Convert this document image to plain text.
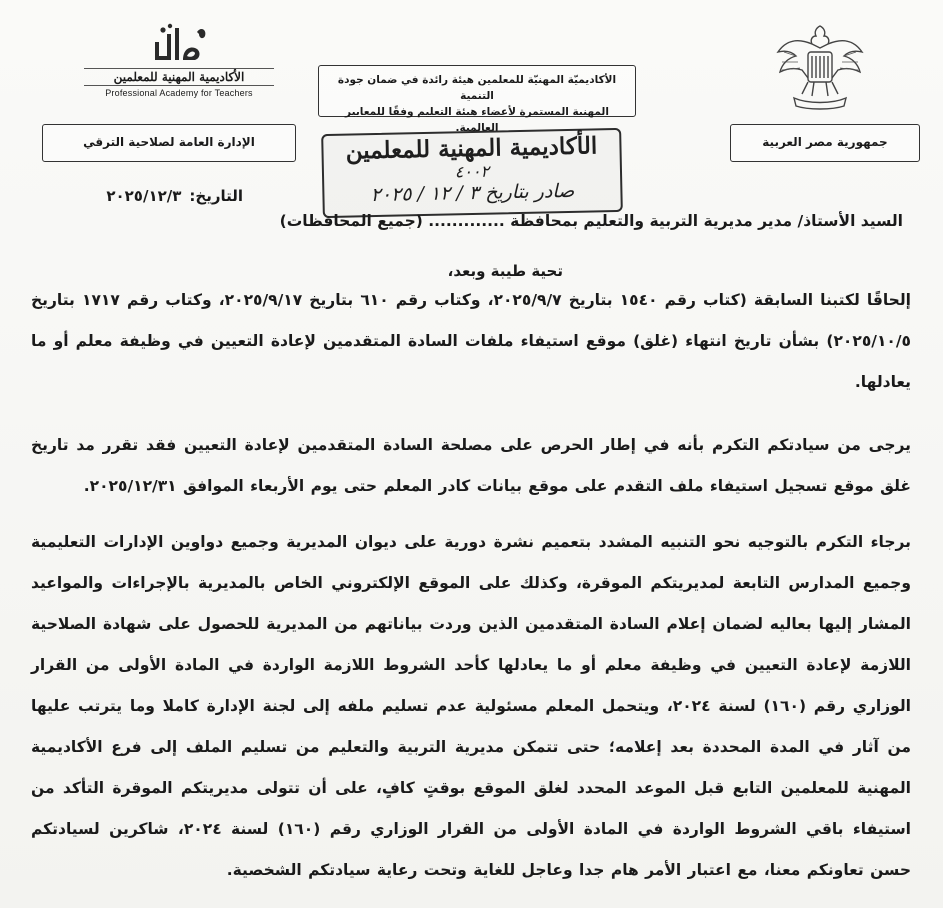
الأكاديمية المهنية للمعلمين
Professional Academy for Teachers
الأكاديميّة المهنيّة للمعلمين هيئة رائدة في ضمان جودة التنمية
المهنية المستمرة لأعضاء هيئة التعليم وفقًا للمعايير العالمية.
جمهورية مصر العربية
الإدارة العامة لصلاحية الترقي	الأكاديمية المهنية للمعلمين
٤٠٠٢
صادر بتاريخ ٣ / ١٢ / ٢٠٢٥
التاريخ:٢٠٢٥/١٢/٣
السيد الأستاذ/ مدير مديرية التربية والتعليم بمحافظة ............. (جميع المحافظات)
تحية طيبة وبعد،
إلحاقًا لكتبنا السابقة (كتاب رقم ١٥٤٠ بتاريخ ٢٠٢٥/٩/٧، وكتاب رقم ٦١٠ بتاريخ ٢٠٢٥/٩/١٧، وكتاب رقم ١٧١٧ بتاريخ ٢٠٢٥/١٠/٥) بشأن تاريخ انتهاء (غلق) موقع استيفاء ملفات السادة المتقدمين لإعادة التعيين في وظيفة معلم أو ما يعادلها.
يرجى من سيادتكم التكرم بأنه في إطار الحرص على مصلحة السادة المتقدمين لإعادة التعيين فقد تقرر مد تاريخ غلق موقع تسجيل استيفاء ملف التقدم على موقع بيانات كادر المعلم حتى يوم الأربعاء الموافق ٢٠٢٥/١٢/٣١.
برجاء التكرم بالتوجيه نحو التنبيه المشدد بتعميم نشرة دورية على ديوان المديرية وجميع دواوين الإدارات التعليمية وجميع المدارس التابعة لمديريتكم الموقرة، وكذلك على الموقع الإلكتروني الخاص بالمديرية بالإجراءات والمواعيد المشار إليها بعاليه لضمان إعلام السادة المتقدمين الذين وردت بياناتهم من المديرية للحصول على شهادة الصلاحية اللازمة لإعادة التعيين في وظيفة معلم أو ما يعادلها كأحد الشروط اللازمة الواردة في المادة الأولى من القرار الوزاري رقم (١٦٠) لسنة ٢٠٢٤، ويتحمل المعلم مسئولية عدم تسليم ملفه إلى لجنة الإدارة كاملا وما يترتب عليها من آثار في المدة المحددة بعد إعلامه؛ حتى تتمكن مديرية التربية والتعليم من تسليم الملف إلى فرع الأكاديمية المهنية للمعلمين التابع قبل الموعد المحدد لغلق الموقع بوقتٍ كافٍ، على أن تتولى مديريتكم الموقرة التأكد من استيفاء باقي الشروط الواردة في المادة الأولى من القرار الوزاري رقم (١٦٠) لسنة ٢٠٢٤، شاكرين لسيادتكم حسن تعاونكم معنا، مع اعتبار الأمر هام جدا وعاجل للغاية وتحت رعاية سيادتكم الشخصية.
